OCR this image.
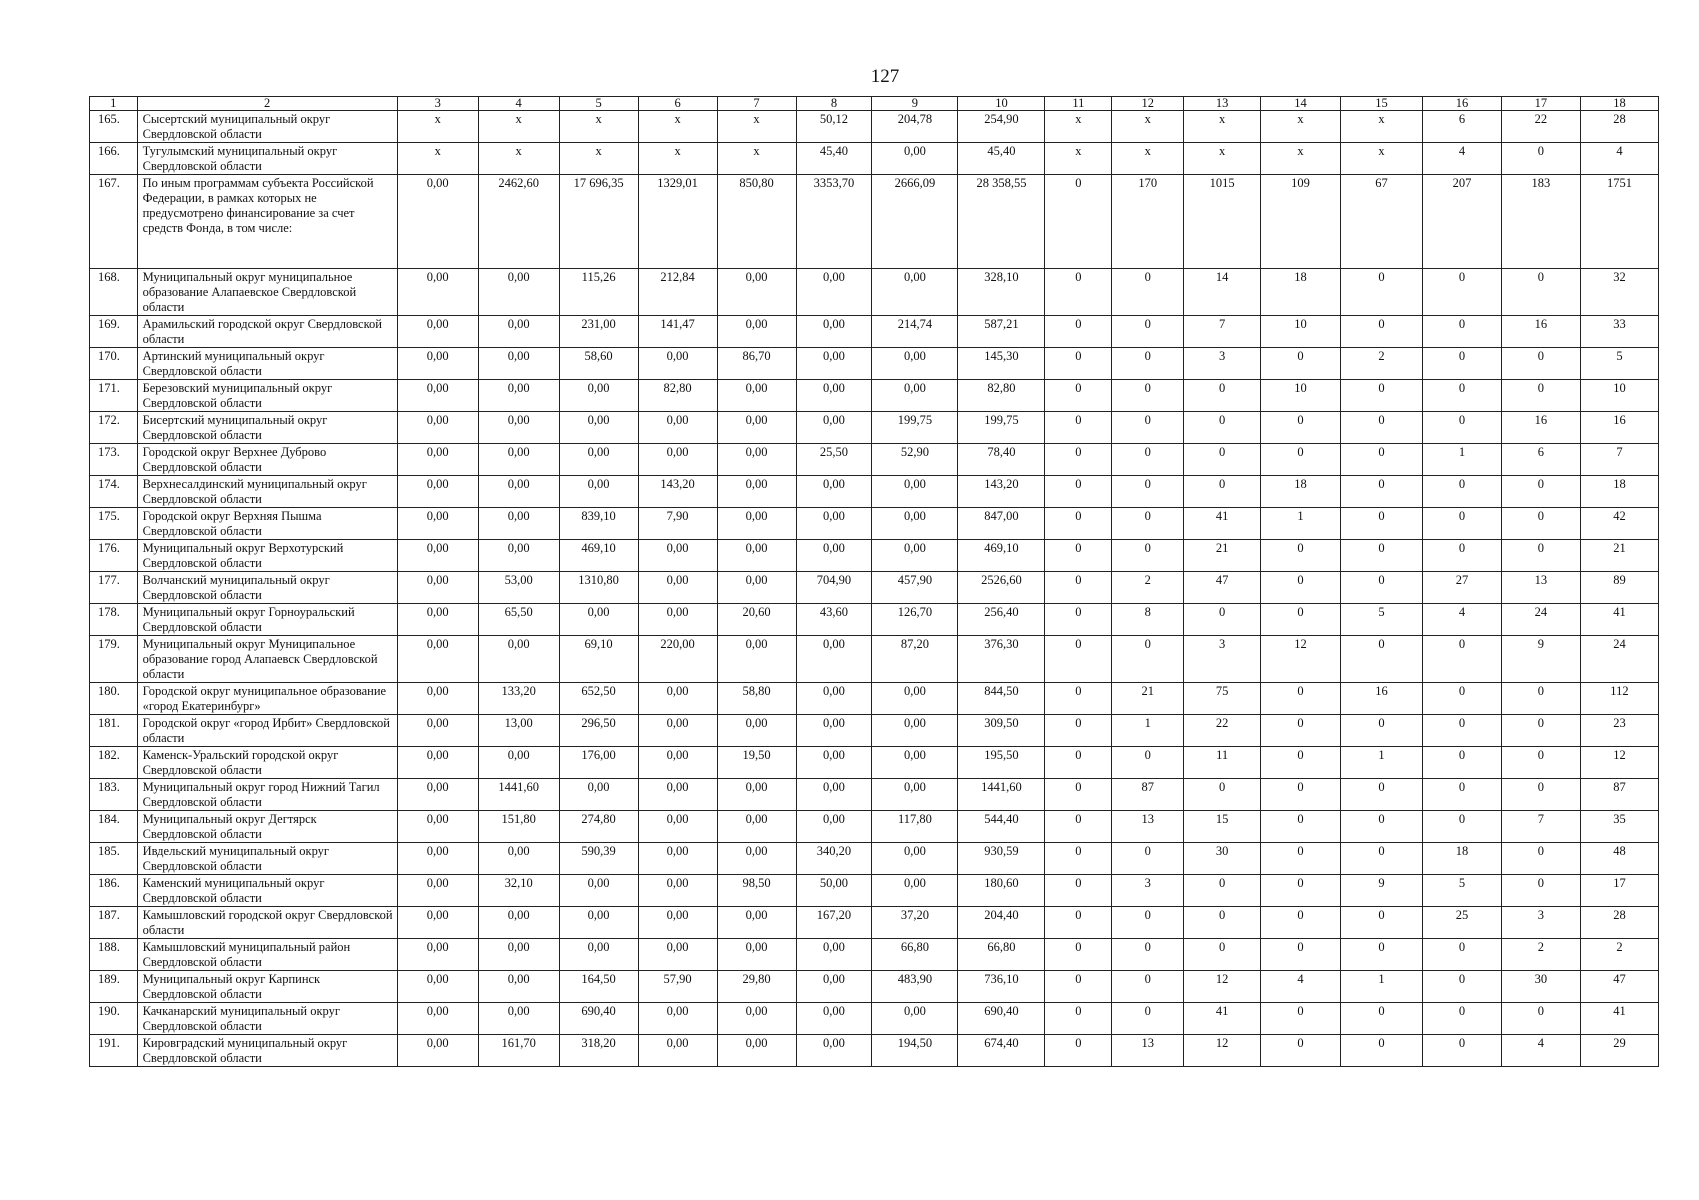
127
1	2	3	4	5	6	7	8	9	10	11	12	13	14	15	16	17	18
165.	Сысертский муниципальный округ Свердловской области	х	х	х	х	х	50,12	204,78	254,90	х	х	х	х	х	6	22	28
166.	Тугулымский муниципальный округ Свердловской области	х	х	х	х	х	45,40	0,00	45,40	х	х	х	х	х	4	0	4
167.	По иным программам субъекта Российской Федерации, в рамках которых не предусмотрено финансирование за счет средств Фонда, в том числе:	0,00	2462,60	17 696,35	1329,01	850,80	3353,70	2666,09	28 358,55	0	170	1015	109	67	207	183	1751
168.	Муниципальный округ муниципальное образование Алапаевское Свердловской области	0,00	0,00	115,26	212,84	0,00	0,00	0,00	328,10	0	0	14	18	0	0	0	32
169.	Арамильский городской округ Свердловской области	0,00	0,00	231,00	141,47	0,00	0,00	214,74	587,21	0	0	7	10	0	0	16	33
170.	Артинский муниципальный округ Свердловской области	0,00	0,00	58,60	0,00	86,70	0,00	0,00	145,30	0	0	3	0	2	0	0	5
171.	Березовский муниципальный округ Свердловской области	0,00	0,00	0,00	82,80	0,00	0,00	0,00	82,80	0	0	0	10	0	0	0	10
172.	Бисертский муниципальный округ Свердловской области	0,00	0,00	0,00	0,00	0,00	0,00	199,75	199,75	0	0	0	0	0	0	16	16
173.	Городской округ Верхнее Дуброво Свердловской области	0,00	0,00	0,00	0,00	0,00	25,50	52,90	78,40	0	0	0	0	0	1	6	7
174.	Верхнесалдинский муниципальный округ Свердловской области	0,00	0,00	0,00	143,20	0,00	0,00	0,00	143,20	0	0	0	18	0	0	0	18
175.	Городской округ Верхняя Пышма Свердловской области	0,00	0,00	839,10	7,90	0,00	0,00	0,00	847,00	0	0	41	1	0	0	0	42
176.	Муниципальный округ Верхотурский Свердловской области	0,00	0,00	469,10	0,00	0,00	0,00	0,00	469,10	0	0	21	0	0	0	0	21
177.	Волчанский муниципальный округ Свердловской области	0,00	53,00	1310,80	0,00	0,00	704,90	457,90	2526,60	0	2	47	0	0	27	13	89
178.	Муниципальный округ Горноуральский Свердловской области	0,00	65,50	0,00	0,00	20,60	43,60	126,70	256,40	0	8	0	0	5	4	24	41
179.	Муниципальный округ Муниципальное образование город Алапаевск Свердловской области	0,00	0,00	69,10	220,00	0,00	0,00	87,20	376,30	0	0	3	12	0	0	9	24
180.	Городской округ муниципальное образование «город Екатеринбург»	0,00	133,20	652,50	0,00	58,80	0,00	0,00	844,50	0	21	75	0	16	0	0	112
181.	Городской округ «город Ирбит» Свердловской области	0,00	13,00	296,50	0,00	0,00	0,00	0,00	309,50	0	1	22	0	0	0	0	23
182.	Каменск-Уральский городской округ Свердловской области	0,00	0,00	176,00	0,00	19,50	0,00	0,00	195,50	0	0	11	0	1	0	0	12
183.	Муниципальный округ город Нижний Тагил Свердловской области	0,00	1441,60	0,00	0,00	0,00	0,00	0,00	1441,60	0	87	0	0	0	0	0	87
184.	Муниципальный округ Дегтярск Свердловской области	0,00	151,80	274,80	0,00	0,00	0,00	117,80	544,40	0	13	15	0	0	0	7	35
185.	Ивдельский муниципальный округ Свердловской области	0,00	0,00	590,39	0,00	0,00	340,20	0,00	930,59	0	0	30	0	0	18	0	48
186.	Каменский муниципальный округ Свердловской области	0,00	32,10	0,00	0,00	98,50	50,00	0,00	180,60	0	3	0	0	9	5	0	17
187.	Камышловский городской округ Свердловской области	0,00	0,00	0,00	0,00	0,00	167,20	37,20	204,40	0	0	0	0	0	25	3	28
188.	Камышловский муниципальный район Свердловской области	0,00	0,00	0,00	0,00	0,00	0,00	66,80	66,80	0	0	0	0	0	0	2	2
189.	Муниципальный округ Карпинск Свердловской области	0,00	0,00	164,50	57,90	29,80	0,00	483,90	736,10	0	0	12	4	1	0	30	47
190.	Качканарский муниципальный округ Свердловской области	0,00	0,00	690,40	0,00	0,00	0,00	0,00	690,40	0	0	41	0	0	0	0	41
191.	Кировградский муниципальный округ Свердловской области	0,00	161,70	318,20	0,00	0,00	0,00	194,50	674,40	0	13	12	0	0	0	4	29
